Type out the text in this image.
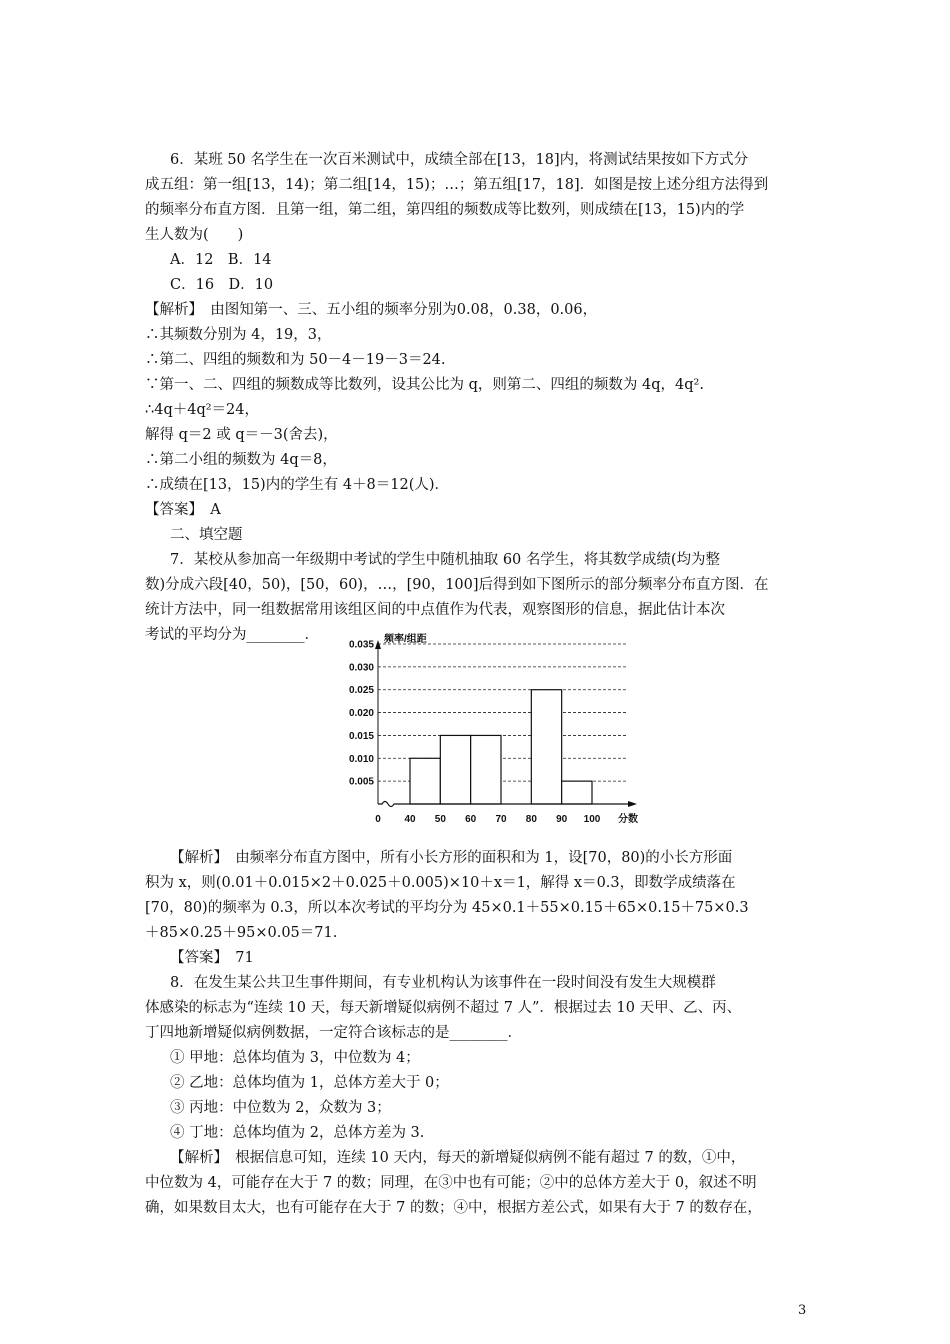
6．某班 50 名学生在一次百米测试中，成绩全部在[13，18]内，将测试结果按如下方式分
成五组：第一组[13，14)；第二组[14，15)；…；第五组[17，18]．如图是按上述分组方法得到
的频率分布直方图．且第一组，第二组，第四组的频数成等比数列，则成绩在[13，15)内的学
生人数为(　　)
A．12　B．14
C．16　D．10
【解析】　由图知第一、三、五小组的频率分别为0.08，0.38，0.06，
∴其频数分别为 4，19，3，
∴第二、四组的频数和为 50－4－19－3＝24.
∵第一、二、四组的频数成等比数列，设其公比为 q，则第二、四组的频数为 4q，4q².
∴4q＋4q²＝24，
解得 q＝2 或 q＝－3(舍去)，
∴第二小组的频数为 4q＝8，
∴成绩在[13，15)内的学生有 4＋8＝12(人)．
【答案】　A
二、填空题
7．某校从参加高一年级期中考试的学生中随机抽取 60 名学生，将其数学成绩(均为整
数)分成六段[40，50)，[50，60)，…，[90，100]后得到如下图所示的部分频率分布直方图．在
统计方法中，同一组数据常用该组区间的中点值作为代表，观察图形的信息，据此估计本次
考试的平均分为________．
0.005
0.010
0.015
0.020
0.025
0.030
0.035
0 40 50 60 70 80 90 100
频率/组距
分数
【解析】　由频率分布直方图中，所有小长方形的面积和为 1，设[70，80)的小长方形面
积为 x，则(0.01＋0.015×2＋0.025＋0.005)×10＋x＝1，解得 x＝0.3，即数学成绩落在
[70，80)的频率为 0.3，所以本次考试的平均分为 45×0.1＋55×0.15＋65×0.15＋75×0.3
＋85×0.25＋95×0.05＝71.
【答案】　71
8．在发生某公共卫生事件期间，有专业机构认为该事件在一段时间没有发生大规模群
体感染的标志为“连续 10 天，每天新增疑似病例不超过 7 人”．根据过去 10 天甲、乙、丙、
丁四地新增疑似病例数据，一定符合该标志的是________．
① 甲地：总体均值为 3，中位数为 4；
② 乙地：总体均值为 1，总体方差大于 0；
③ 丙地：中位数为 2，众数为 3；
④ 丁地：总体均值为 2，总体方差为 3.
【解析】　根据信息可知，连续 10 天内，每天的新增疑似病例不能有超过 7 的数，①中，
中位数为 4，可能存在大于 7 的数；同理，在③中也有可能；②中的总体方差大于 0，叙述不明
确，如果数目太大，也有可能存在大于 7 的数；④中，根据方差公式，如果有大于 7 的数存在，
3
